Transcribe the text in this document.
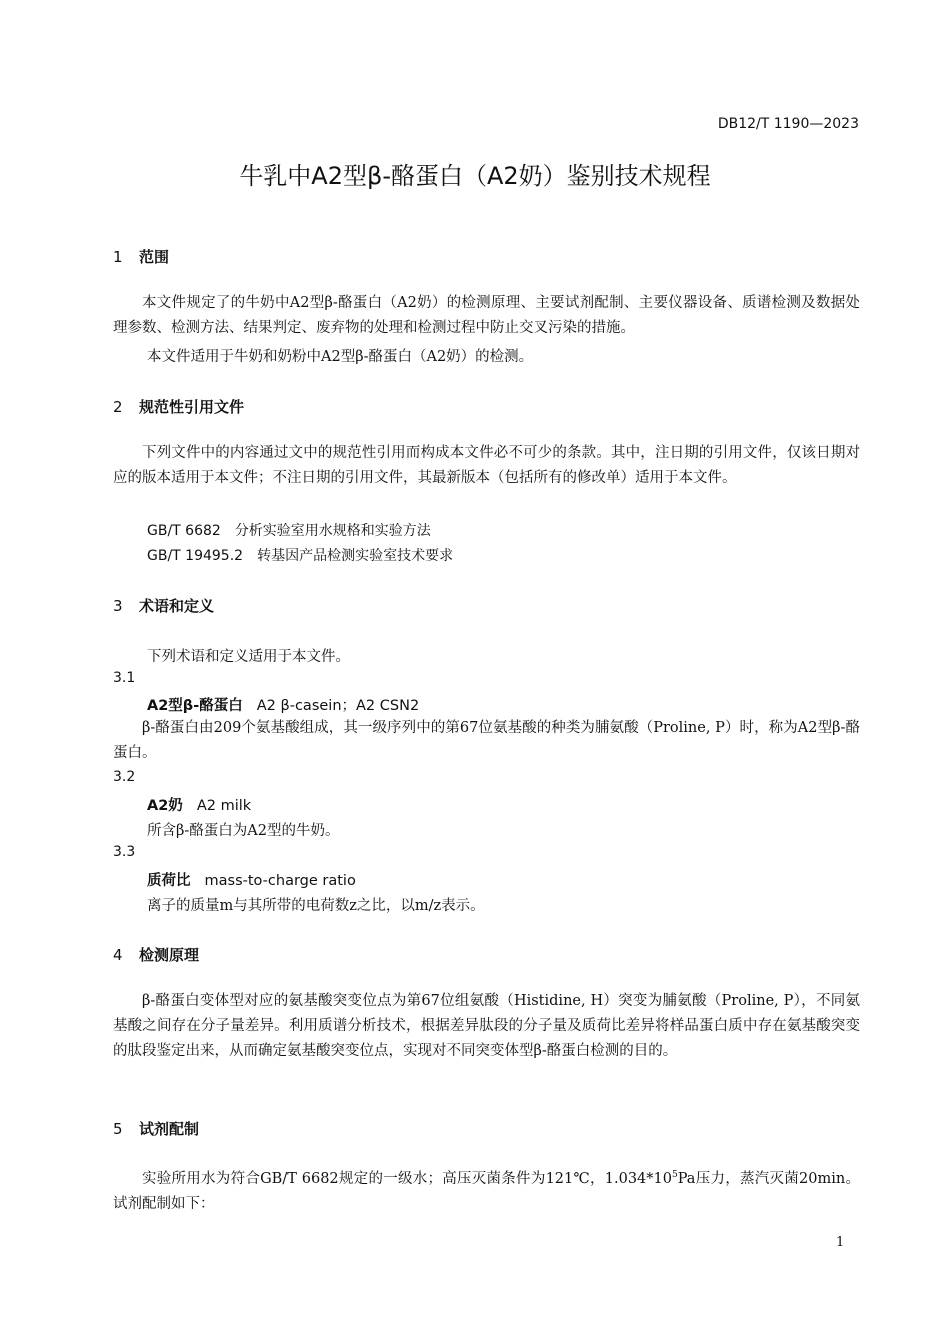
DB12/T 1190—2023
牛乳中A2型β-酪蛋白（A2奶）鉴别技术规程
1 范围
本文件规定了的牛奶中A2型β-酪蛋白（A2奶）的检测原理、主要试剂配制、主要仪器设备、质谱检测及数据处理参数、检测方法、结果判定、废弃物的处理和检测过程中防止交叉污染的措施。
本文件适用于牛奶和奶粉中A2型β-酪蛋白（A2奶）的检测。
2 规范性引用文件
下列文件中的内容通过文中的规范性引用而构成本文件必不可少的条款。其中，注日期的引用文件，仅该日期对应的版本适用于本文件；不注日期的引用文件，其最新版本（包括所有的修改单）适用于本文件。
GB/T 6682 分析实验室用水规格和实验方法
GB/T 19495.2 转基因产品检测实验室技术要求
3 术语和定义
下列术语和定义适用于本文件。
3.1
A2型β-酪蛋白 A2 β-casein；A2 CSN2
β-酪蛋白由209个氨基酸组成，其一级序列中的第67位氨基酸的种类为脯氨酸（Proline, P）时，称为A2型β-酪蛋白。
3.2
A2奶 A2 milk
所含β-酪蛋白为A2型的牛奶。
3.3
质荷比 mass-to-charge ratio
离子的质量m与其所带的电荷数z之比，以m/z表示。
4 检测原理
β-酪蛋白变体型对应的氨基酸突变位点为第67位组氨酸（Histidine, H）突变为脯氨酸（Proline, P），不同氨基酸之间存在分子量差异。利用质谱分析技术，根据差异肽段的分子量及质荷比差异将样品蛋白质中存在氨基酸突变的肽段鉴定出来，从而确定氨基酸突变位点，实现对不同突变体型β-酪蛋白检测的目的。
5 试剂配制
实验所用水为符合GB/T 6682规定的一级水；高压灭菌条件为121℃，$1.034*10^5Pa$压力，蒸汽灭菌20min。试剂配制如下：
1
